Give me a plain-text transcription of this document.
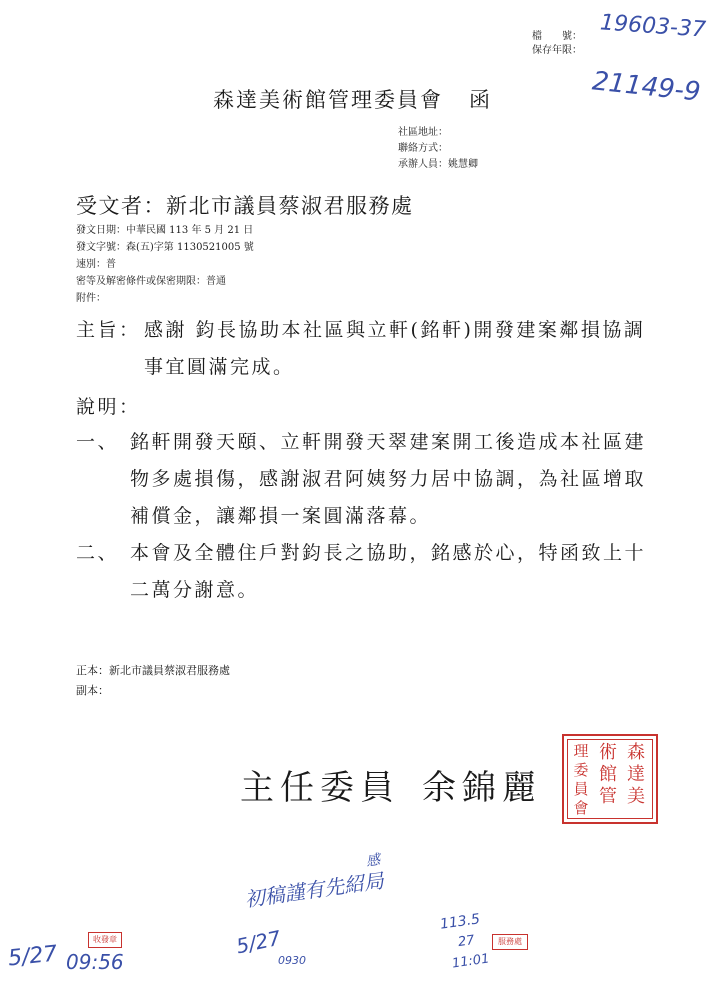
檔　　號：
保存年限：
19603-37
21149-9
森達美術館管理委員會 函
社區地址：
聯絡方式：
承辦人員：姚慧卿
受文者：新北市議員蔡淑君服務處
發文日期：中華民國 113 年 5 月 21 日
發文字號：森(五)字第 1130521005 號
速別：普
密等及解密條件或保密期限：普通
附件：
主旨： 感謝 鈞長協助本社區與立軒(銘軒)開發建案鄰損協調
事宜圓滿完成。
說明：
一、 銘軒開發天頤、立軒開發天翠建案開工後造成本社區建
物多處損傷，感謝淑君阿姨努力居中協調，為社區增取
補償金，讓鄰損一案圓滿落幕。
二、 本會及全體住戶對鈞長之協助，銘感於心，特函致上十
二萬分謝意。
正本：新北市議員蔡淑君服務處
副本：
主任委員 余錦麗
森達美
術館管
理委員會
初稿謹有先紹局
感
5/27
0930
113.5
27
11:01
服務處
5/27 09:56
收發章
